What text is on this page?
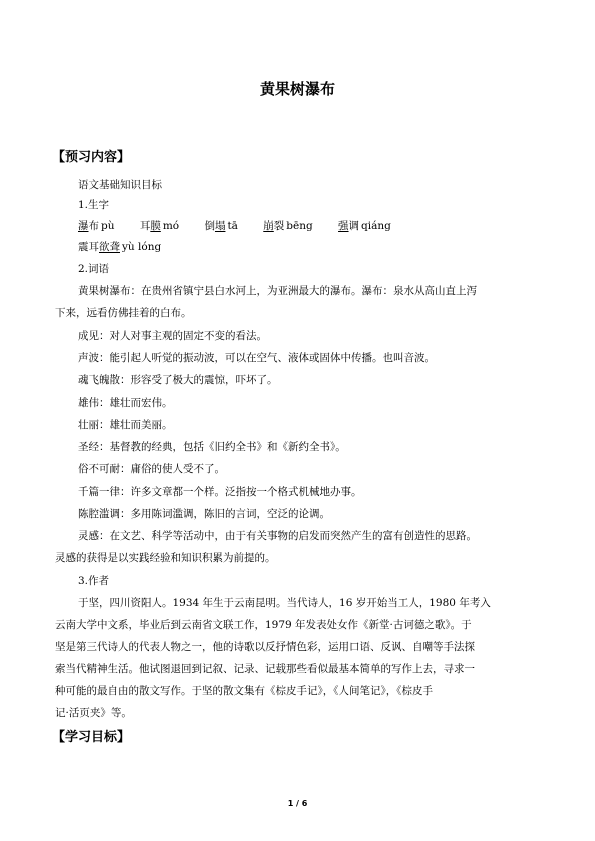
黄果树瀑布
【预习内容】
语文基础知识目标
1.生字
瀑布 pù 耳膜 mó 倒塌 tā 崩裂 bēng 强调 qiáng
震耳欲聋 yù lóng
2.词语
黄果树瀑布：在贵州省镇宁县白水河上，为亚洲最大的瀑布。瀑布：泉水从高山直上泻
下来，远看仿佛挂着的白布。
成见：对人对事主观的固定不变的看法。
声波：能引起人听觉的振动波，可以在空气、液体或固体中传播。也叫音波。
魂飞魄散：形容受了极大的震惊，吓坏了。
雄伟：雄壮而宏伟。
壮丽：雄壮而美丽。
圣经：基督教的经典，包括《旧约全书》和《新约全书》。
俗不可耐：庸俗的使人受不了。
千篇一律：许多文章都一个样。泛指按一个格式机械地办事。
陈腔滥调：多用陈词滥调，陈旧的言词，空泛的论调。
灵感：在文艺、科学等活动中，由于有关事物的启发而突然产生的富有创造性的思路。
灵感的获得是以实践经验和知识积累为前提的。
3.作者
于坚，四川资阳人。1934 年生于云南昆明。当代诗人，16 岁开始当工人，1980 年考入
云南大学中文系，毕业后到云南省文联工作，1979 年发表处女作《新堂·古诃德之歌》。于
坚是第三代诗人的代表人物之一，他的诗歌以反抒情色彩，运用口语、反讽、自嘲等手法探
索当代精神生活。他试图退回到记叙、记录、记载那些看似最基本简单的写作上去，寻求一
种可能的最自由的散文写作。于坚的散文集有《棕皮手记》，《人间笔记》，《棕皮手
记·活页夹》等。
【学习目标】
1 / 6
